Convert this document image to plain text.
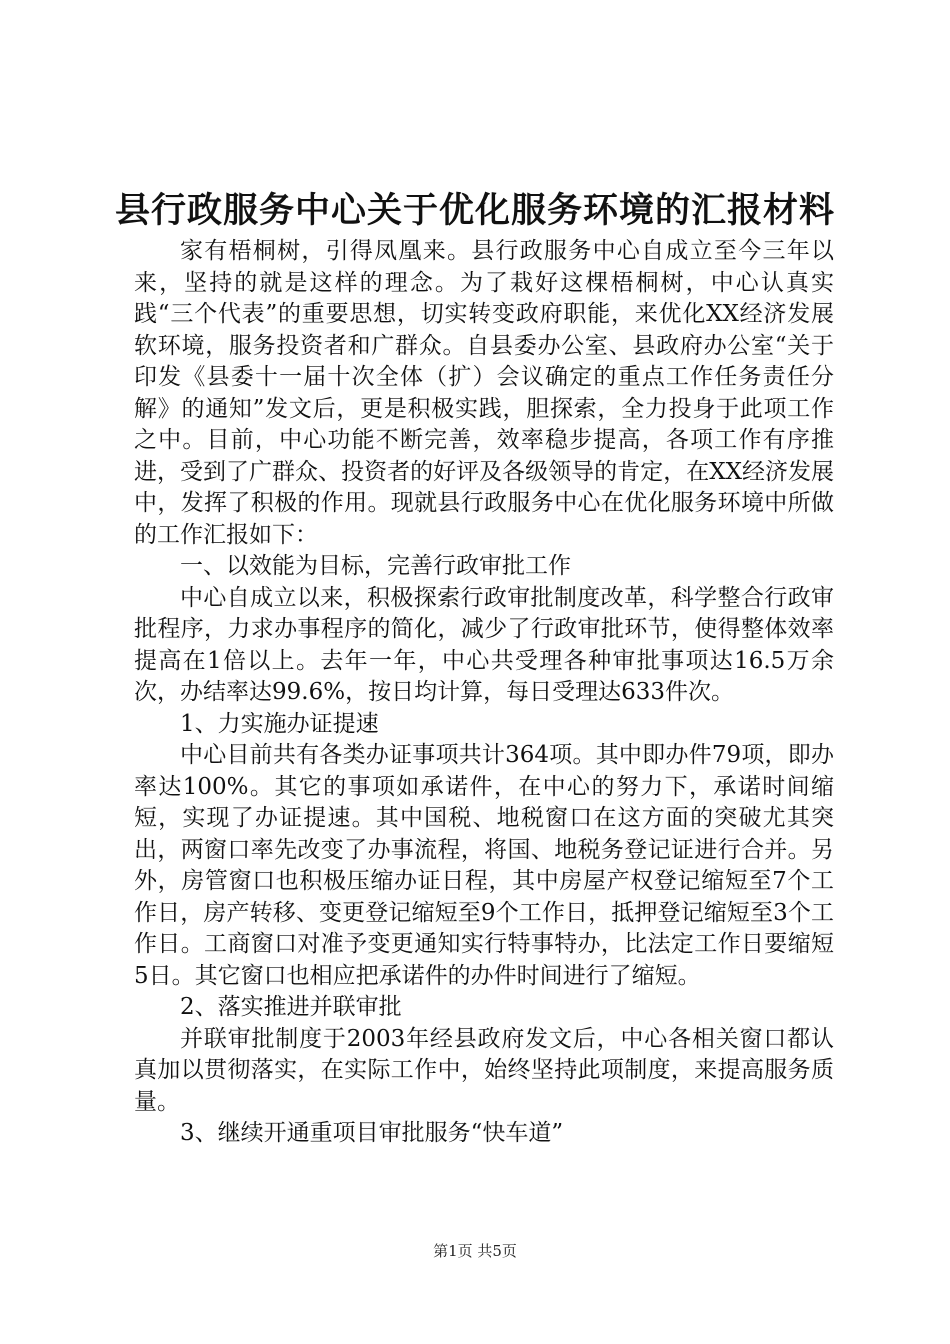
县行政服务中心关于优化服务环境的汇报材料

家有梧桐树，引得凤凰来。县行政服务中心自成立至今三年以来，坚持的就是这样的理念。为了栽好这棵梧桐树，中心认真实践“三个代表”的重要思想，切实转变政府职能，来优化XX经济发展软环境，服务投资者和广群众。自县委办公室、县政府办公室“关于印发《县委十一届十次全体（扩）会议确定的重点工作任务责任分解》的通知”发文后，更是积极实践，胆探索，全力投身于此项工作之中。目前，中心功能不断完善，效率稳步提高，各项工作有序推进，受到了广群众、投资者的好评及各级领导的肯定，在XX经济发展中，发挥了积极的作用。现就县行政服务中心在优化服务环境中所做的工作汇报如下：

一、以效能为目标，完善行政审批工作

中心自成立以来，积极探索行政审批制度改革，科学整合行政审批程序，力求办事程序的简化，减少了行政审批环节，使得整体效率提高在1倍以上。去年一年，中心共受理各种审批事项达16.5万余次，办结率达99.6%，按日均计算，每日受理达633件次。

1、力实施办证提速

中心目前共有各类办证事项共计364项。其中即办件79项，即办率达100%。其它的事项如承诺件，在中心的努力下，承诺时间缩短，实现了办证提速。其中国税、地税窗口在这方面的突破尤其突出，两窗口率先改变了办事流程，将国、地税务登记证进行合并。另外，房管窗口也积极压缩办证日程，其中房屋产权登记缩短至7个工作日，房产转移、变更登记缩短至9个工作日，抵押登记缩短至3个工作日。工商窗口对准予变更通知实行特事特办，比法定工作日要缩短5日。其它窗口也相应把承诺件的办件时间进行了缩短。

2、落实推进并联审批

并联审批制度于2003年经县政府发文后，中心各相关窗口都认真加以贯彻落实，在实际工作中，始终坚持此项制度，来提高服务质量。

3、继续开通重项目审批服务“快车道”

第1页 共5页
